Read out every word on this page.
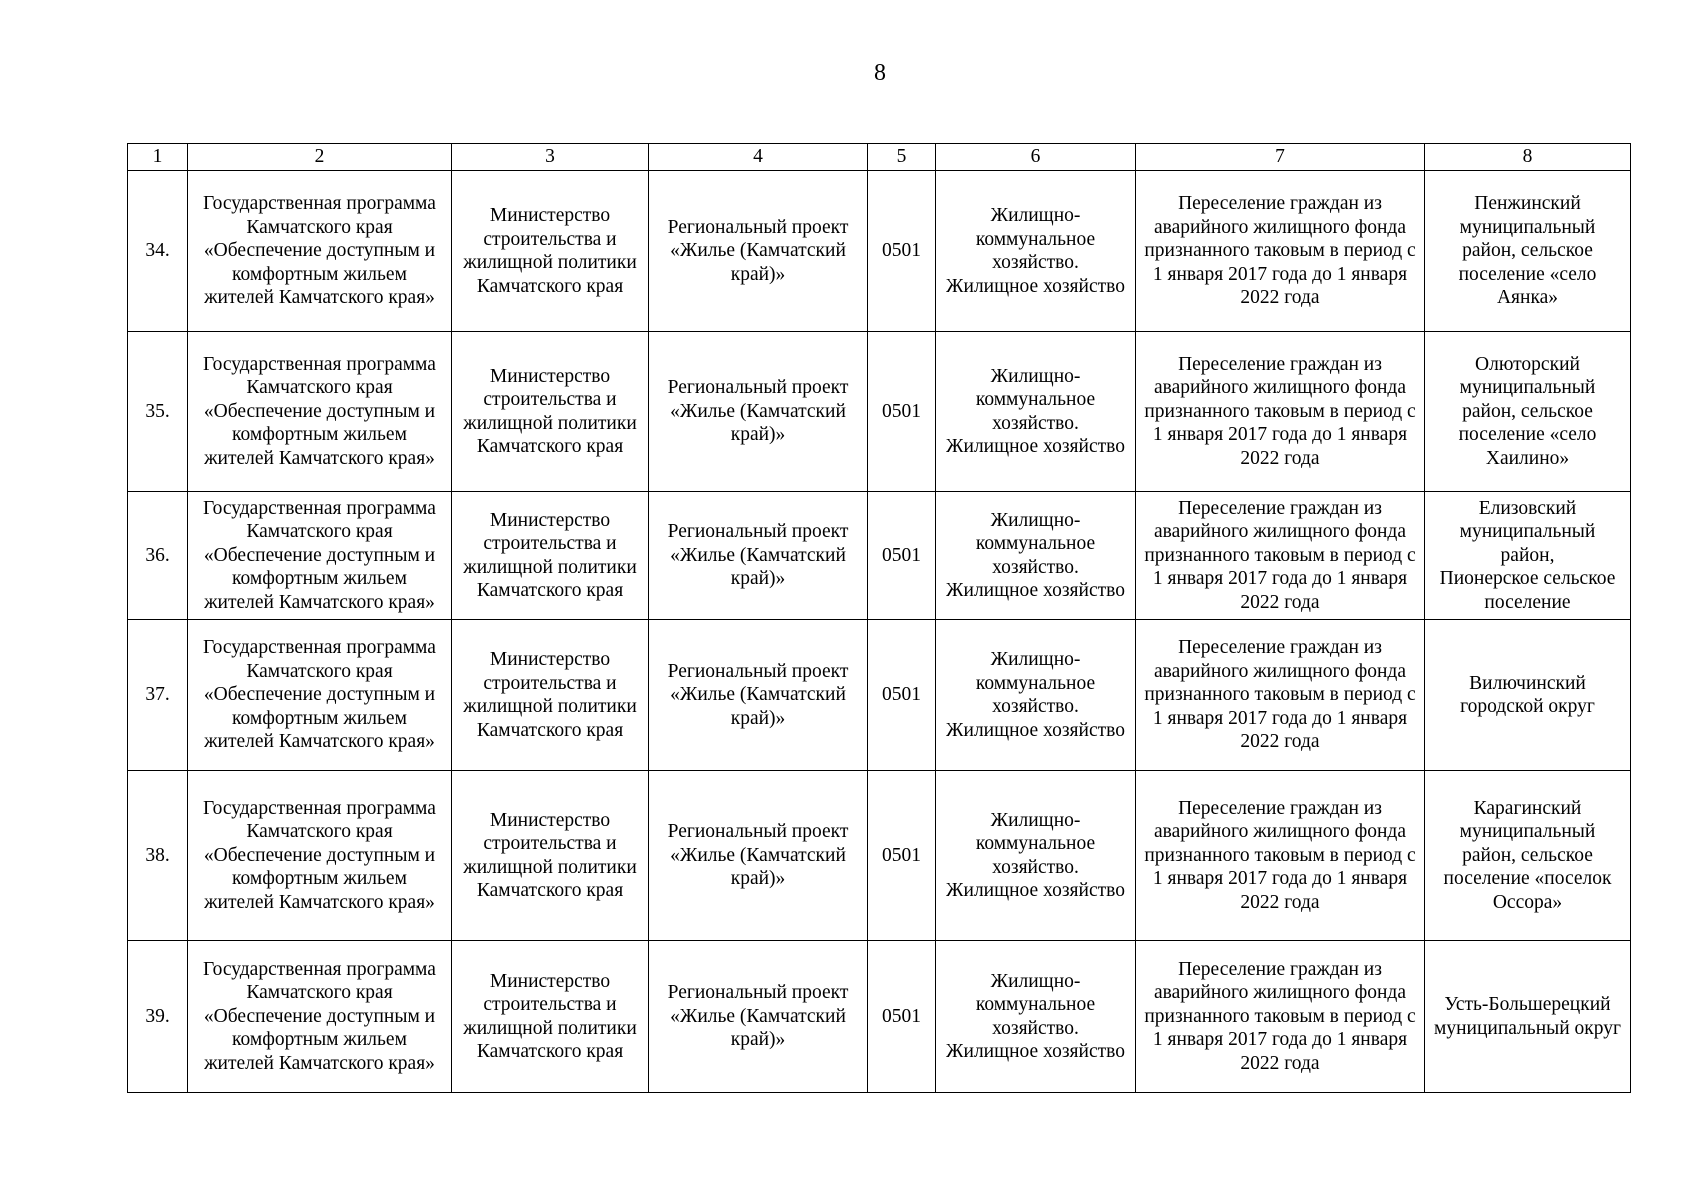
8
1	2	3	4	5	6	7	8
34.	Государственная программа
Камчатского края
«Обеспечение доступным и
комфортным жильем
жителей Камчатского края»	Министерство
строительства и
жилищной политики
Камчатского края	Региональный проект
«Жилье (Камчатский
край)»	0501	Жилищно-
коммунальное
хозяйство.
Жилищное хозяйство	Переселение граждан из
аварийного жилищного фонда
признанного таковым в период с
1 января 2017 года до 1 января
2022 года	Пенжинский
муниципальный
район, сельское
поселение «село
Аянка»
35.	Государственная программа
Камчатского края
«Обеспечение доступным и
комфортным жильем
жителей Камчатского края»	Министерство
строительства и
жилищной политики
Камчатского края	Региональный проект
«Жилье (Камчатский
край)»	0501	Жилищно-
коммунальное
хозяйство.
Жилищное хозяйство	Переселение граждан из
аварийного жилищного фонда
признанного таковым в период с
1 января 2017 года до 1 января
2022 года	Олюторский
муниципальный
район, сельское
поселение «село
Хаилино»
36.	Государственная программа
Камчатского края
«Обеспечение доступным и
комфортным жильем
жителей Камчатского края»	Министерство
строительства и
жилищной политики
Камчатского края	Региональный проект
«Жилье (Камчатский
край)»	0501	Жилищно-
коммунальное
хозяйство.
Жилищное хозяйство	Переселение граждан из
аварийного жилищного фонда
признанного таковым в период с
1 января 2017 года до 1 января
2022 года	Елизовский
муниципальный
район,
Пионерское сельское
поселение
37.	Государственная программа
Камчатского края
«Обеспечение доступным и
комфортным жильем
жителей Камчатского края»	Министерство
строительства и
жилищной политики
Камчатского края	Региональный проект
«Жилье (Камчатский
край)»	0501	Жилищно-
коммунальное
хозяйство.
Жилищное хозяйство	Переселение граждан из
аварийного жилищного фонда
признанного таковым в период с
1 января 2017 года до 1 января
2022 года	Вилючинский
городской округ
38.	Государственная программа
Камчатского края
«Обеспечение доступным и
комфортным жильем
жителей Камчатского края»	Министерство
строительства и
жилищной политики
Камчатского края	Региональный проект
«Жилье (Камчатский
край)»	0501	Жилищно-
коммунальное
хозяйство.
Жилищное хозяйство	Переселение граждан из
аварийного жилищного фонда
признанного таковым в период с
1 января 2017 года до 1 января
2022 года	Карагинский
муниципальный
район, сельское
поселение «поселок
Оссора»
39.	Государственная программа
Камчатского края
«Обеспечение доступным и
комфортным жильем
жителей Камчатского края»	Министерство
строительства и
жилищной политики
Камчатского края	Региональный проект
«Жилье (Камчатский
край)»	0501	Жилищно-
коммунальное
хозяйство.
Жилищное хозяйство	Переселение граждан из
аварийного жилищного фонда
признанного таковым в период с
1 января 2017 года до 1 января
2022 года	Усть-Большерецкий
муниципальный округ
